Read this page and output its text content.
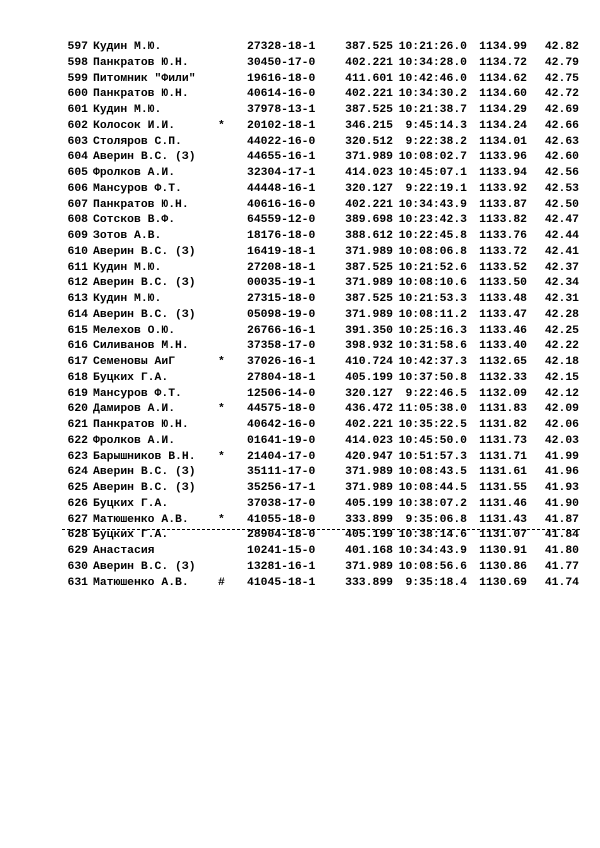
597 Кудин М.Ю.	27328-18-1	387.525 10:21:26.0	1134.99	42.82
598 Панкратов Ю.Н.	30450-17-0	402.221 10:34:28.0	1134.72	42.79
599 Питомник "Фили"	19616-18-0	411.601 10:42:46.0	1134.62	42.75
600 Панкратов Ю.Н.	40614-16-0	402.221 10:34:30.2	1134.60	42.72
601 Кудин М.Ю.	37978-13-1	387.525 10:21:38.7	1134.29	42.69
602 Колосок И.И.	* 20102-18-1	346.215	9:45:14.3	1134.24	42.66
603 Столяров С.П.	44022-16-0	320.512	9:22:38.2	1134.01	42.63
604 Аверин В.С. (З)	44655-16-1	371.989 10:08:02.7	1133.96	42.60
605 Фролков А.И.	32304-17-1	414.023 10:45:07.1	1133.94	42.56
606 Мансуров Ф.Т.	44448-16-1	320.127	9:22:19.1	1133.92	42.53
607 Панкратов Ю.Н.	40616-16-0	402.221 10:34:43.9	1133.87	42.50
608 Сотсков В.Ф.	64559-12-0	389.698 10:23:42.3	1133.82	42.47
609 Зотов А.В.	18176-18-0	388.612 10:22:45.8	1133.76	42.44
610 Аверин В.С. (З)	16419-18-1	371.989 10:08:06.8	1133.72	42.41
611 Кудин М.Ю.	27208-18-1	387.525 10:21:52.6	1133.52	42.37
612 Аверин В.С. (З)	00035-19-1	371.989 10:08:10.6	1133.50	42.34
613 Кудин М.Ю.	27315-18-0	387.525 10:21:53.3	1133.48	42.31
614 Аверин В.С. (З)	05098-19-0	371.989 10:08:11.2	1133.47	42.28
615 Мелехов О.Ю.	26766-16-1	391.350 10:25:16.3	1133.46	42.25
616 Силиванов М.Н.	37358-17-0	398.932 10:31:58.6	1133.40	42.22
617 Семеновы АиГ	* 37026-16-1	410.724 10:42:37.3	1132.65	42.18
618 Буцких Г.А.	27804-18-1	405.199 10:37:50.8	1132.33	42.15
619 Мансуров Ф.Т.	12506-14-0	320.127	9:22:46.5	1132.09	42.12
620 Дамиров А.И.	* 44575-18-0	436.472 11:05:38.0	1131.83	42.09
621 Панкратов Ю.Н.	40642-16-0	402.221 10:35:22.5	1131.82	42.06
622 Фролков А.И.	01641-19-0	414.023 10:45:50.0	1131.73	42.03
623 Барышников В.Н. * 21404-17-0	420.947 10:51:57.3	1131.71	41.99
624 Аверин В.С. (З)	35111-17-0	371.989 10:08:43.5	1131.61	41.96
625 Аверин В.С. (З)	35256-17-1	371.989 10:08:44.5	1131.55	41.93
626 Буцких Г.А.	37038-17-0	405.199 10:38:07.2	1131.46	41.90
627 Матюшенко А.В.	* 41055-18-0	333.899	9:35:06.8	1131.43	41.87
628 Буцких Г.А.	28904-18-0	405.199 10:38:14.6	1131.07	41.84
629 Анастасия	10241-15-0	401.168 10:34:43.9	1130.91	41.80
630 Аверин В.С. (З)	13281-16-1	371.989 10:08:56.6	1130.86	41.77
631 Матюшенко А.В.	# 41045-18-1	333.899	9:35:18.4	1130.69	41.74
